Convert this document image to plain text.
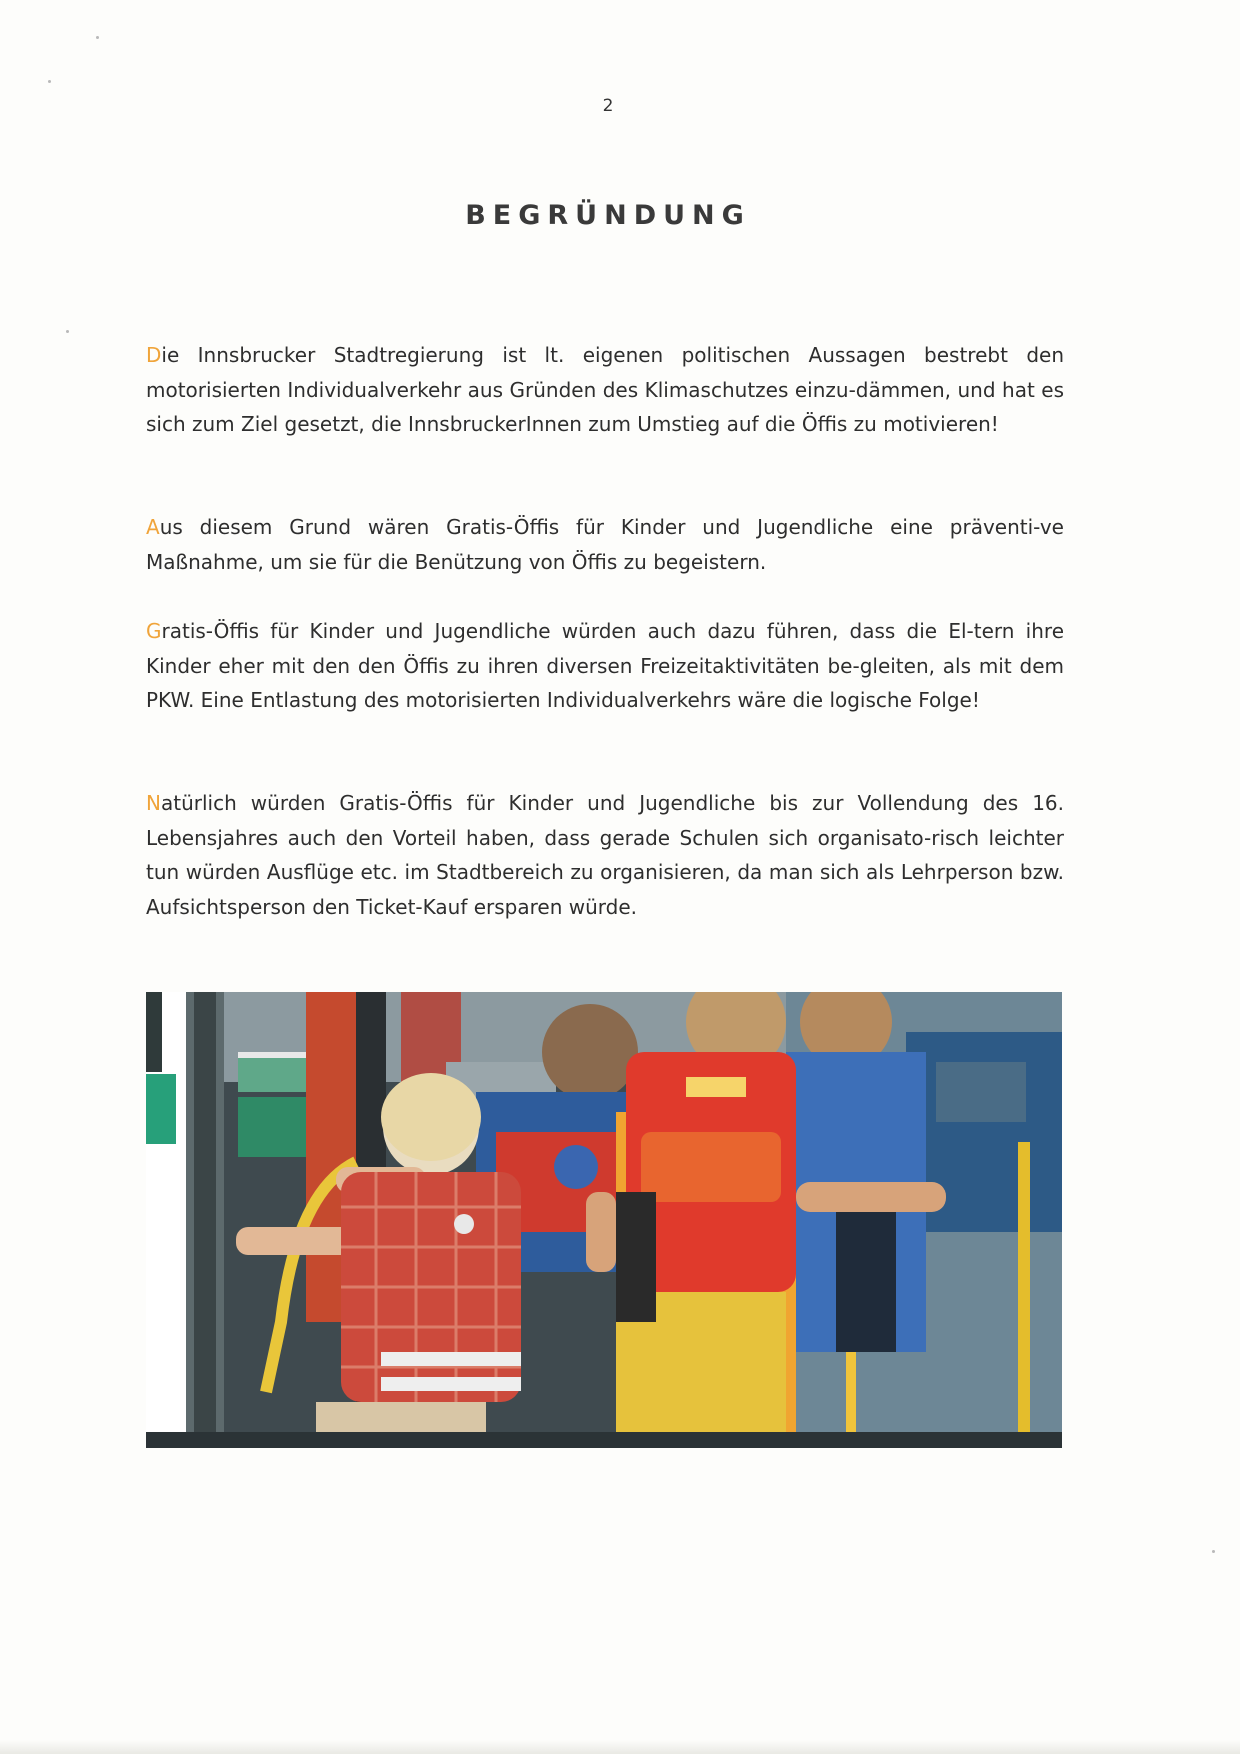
2
BEGRÜNDUNG

Die Innsbrucker Stadtregierung ist lt. eigenen politischen Aussagen bestrebt den motorisierten Individualverkehr aus Gründen des Klimaschutzes einzu-dämmen, und hat es sich zum Ziel gesetzt, die InnsbruckerInnen zum Umstieg auf die Öffis zu motivieren!

Aus diesem Grund wären Gratis-Öffis für Kinder und Jugendliche eine präventi-ve Maßnahme, um sie für die Benützung von Öffis zu begeistern.

Gratis-Öffis für Kinder und Jugendliche würden auch dazu führen, dass die El-tern ihre Kinder eher mit den den Öffis zu ihren diversen Freizeitaktivitäten be-gleiten, als mit dem PKW. Eine Entlastung des motorisierten Individualverkehrs wäre die logische Folge!

Natürlich würden Gratis-Öffis für Kinder und Jugendliche bis zur Vollendung des 16. Lebensjahres auch den Vorteil haben, dass gerade Schulen sich organisato-risch leichter tun würden Ausflüge etc. im Stadtbereich zu organisieren, da man sich als Lehrperson bzw. Aufsichtsperson den Ticket-Kauf ersparen würde.
